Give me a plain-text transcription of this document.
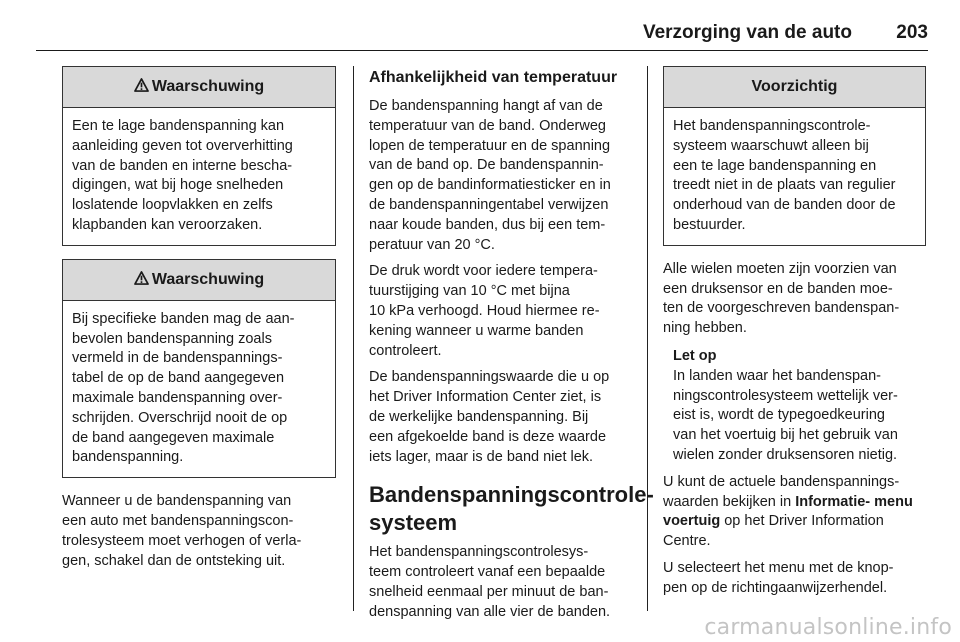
Verzorging van de auto 203
Waarschuwing
Een te lage bandenspanning kan
aanleiding geven tot oververhitting
van de banden en interne bescha-
digingen, wat bij hoge snelheden
loslatende loopvlakken en zelfs
klapbanden kan veroorzaken.
Waarschuwing
Bij specifieke banden mag de aan-
bevolen bandenspanning zoals
vermeld in de bandenspannings-
tabel de op de band aangegeven
maximale bandenspanning over-
schrijden. Overschrijd nooit de op
de band aangegeven maximale
bandenspanning.

Wanneer u de bandenspanning van
een auto met bandenspanningscon-
trolesysteem moet verhogen of verla-
gen, schakel dan de ontsteking uit.

Afhankelijkheid van temperatuur

De bandenspanning hangt af van de
temperatuur van de band. Onderweg
lopen de temperatuur en de spanning
van de band op. De bandenspannin-
gen op de bandinformatiesticker en in
de bandenspanningentabel verwijzen
naar koude banden, dus bij een tem-
peratuur van 20 °C.

De druk wordt voor iedere tempera-
tuurstijging van 10 °C met bijna
10 kPa verhoogd. Houd hiermee re-
kening wanneer u warme banden
controleert.

De bandenspanningswaarde die u op
het Driver Information Center ziet, is
de werkelijke bandenspanning. Bij
een afgekoelde band is deze waarde
iets lager, maar is de band niet lek.

Bandenspanningscontrole-
systeem

Het bandenspanningscontrolesys-
teem controleert vanaf een bepaalde
snelheid eenmaal per minuut de ban-
denspanning van alle vier de banden.

Voorzichtig
Het bandenspanningscontrole-
systeem waarschuwt alleen bij
een te lage bandenspanning en
treedt niet in de plaats van regulier
onderhoud van de banden door de
bestuurder.

Alle wielen moeten zijn voorzien van
een druksensor en de banden moe-
ten de voorgeschreven bandenspan-
ning hebben.

Let op
In landen waar het bandenspan-
ningscontrolesysteem wettelijk ver-
eist is, wordt de typegoedkeuring
van het voertuig bij het gebruik van
wielen zonder druksensoren nietig.

U kunt de actuele bandenspannings-
waarden bekijken in Informatie- menu
voertuig op het Driver Information
Centre.

U selecteert het menu met de knop-
pen op de richtingaanwijzerhendel.

carmanualsonline.info
